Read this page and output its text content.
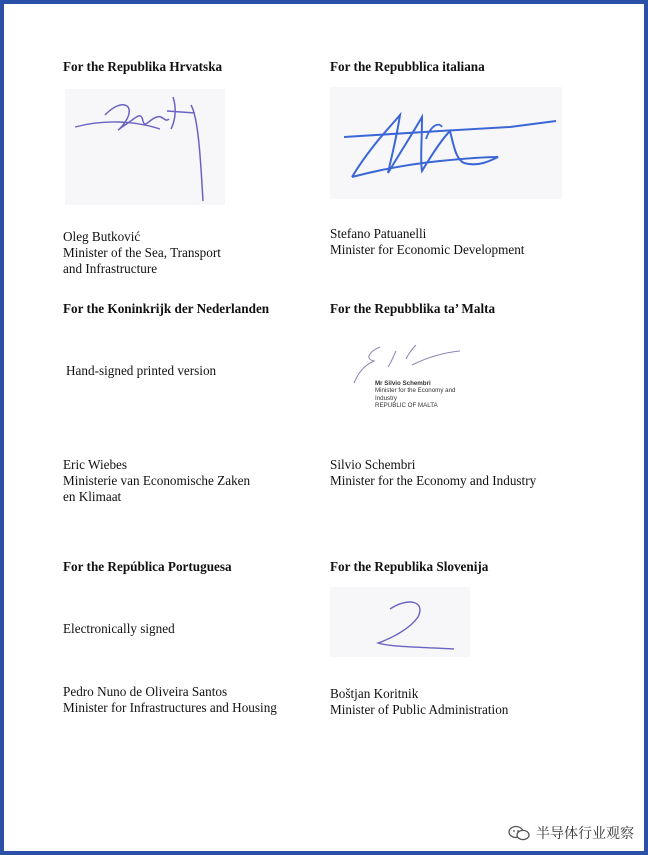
For the Republika Hrvatska
Oleg Butković
Minister of the Sea, Transport
and Infrastructure
For the Repubblica italiana
Stefano Patuanelli
Minister for Economic Development
For the Koninkrijk der Nederlanden
Hand-signed printed version
Eric Wiebes
Ministerie van Economische Zaken
en Klimaat
For the Repubblika ta’ Malta
Mr Silvio Schembri
Minister for the Economy and
Industry
REPUBLIC OF MALTA
Silvio Schembri
Minister for the Economy and Industry
For the República Portuguesa
Electronically signed
Pedro Nuno de Oliveira Santos
Minister for Infrastructures and Housing
For the Republika Slovenija
Boštjan Koritnik
Minister of Public Administration
半导体行业观察
